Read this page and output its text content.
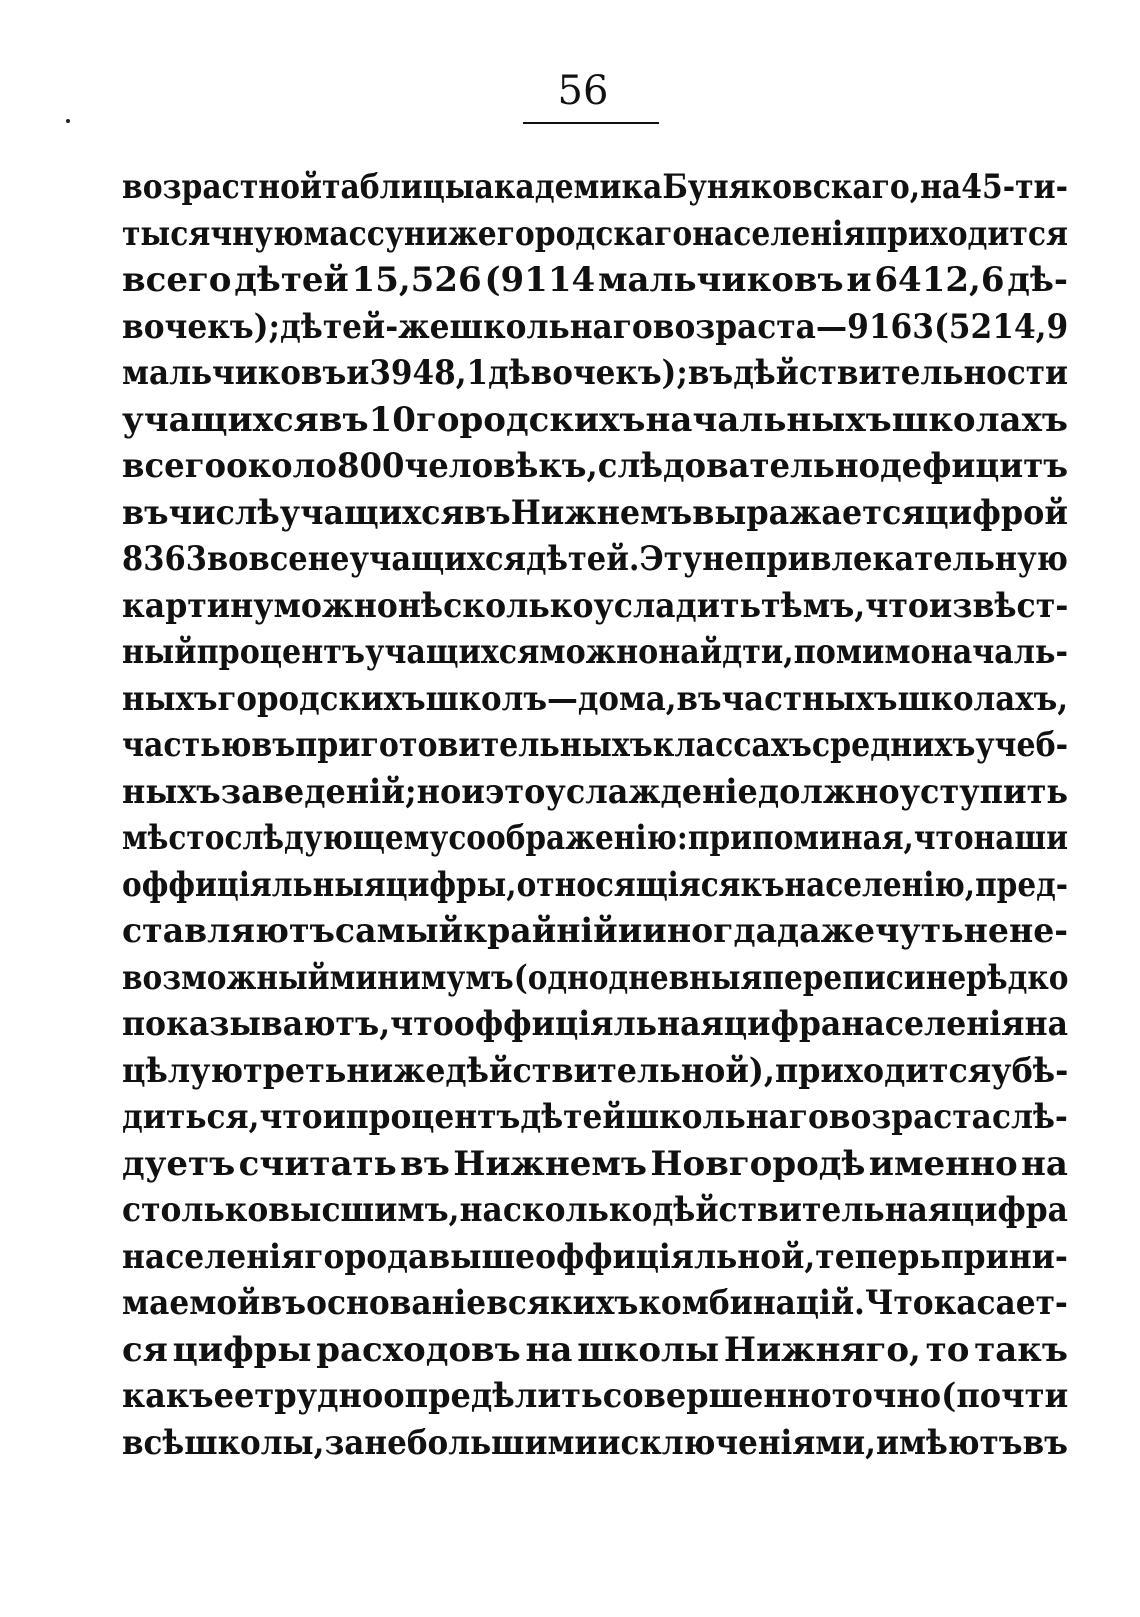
56
возрастной таблицы академика Буняковскаго, на 45-ти-
тысячную массу нижегородскаго населенія приходится
всего дѣтей 15,526 (9114 мальчиковъ и 6412,6 дѣ-
вочекъ); дѣтей-же школьнаго возраста—9163 (5214,9
мальчиковъ и 3948,1 дѣвочекъ); въ дѣйствительности
учащихся въ 10 городскихъ начальныхъ школахъ
всего около 800 человѣкъ, слѣдовательно дефицитъ
въ числѣ учащихся въ Нижнемъ выражается цифрой
8363 вовсе неучащихся дѣтей. Эту непривлекательную
картину можно нѣсколько усладить тѣмъ, что извѣст-
ный процентъ учащихся можно найдти, помимо началь-
ныхъ городскихъ школъ—дома, въ частныхъ школахъ,
частью въ приготовительныхъ классахъ среднихъ учеб-
ныхъ заведеній; но и это услажденіе должно уступить
мѣсто слѣдующему соображенію: припоминая, что наши
оффиціяльныя цифры, относящіяся къ населенію, пред-
ставляютъ самый крайній и иногда даже чуть не не-
возможный минимумъ (однодневныя переписи нерѣдко
показываютъ, что оффиціяльная цифра населенія на
цѣлую треть ниже дѣйствительной), приходится убѣ-
диться, что и процентъ дѣтей школьнаго возраста слѣ-
дуетъ считать въ Нижнемъ Новгородѣ именно на
столько высшимъ, на сколько дѣйствительная цифра
населенія города выше оффиціяльной, теперь прини-
маемой въ основаніе всякихъ комбинацій. Что касает-
ся цифры расходовъ на школы Нижняго, то такъ
какъ ее трудно опредѣлить совершенно точно (почти
всѣ школы, за небольшими исключеніями, имѣютъ въ
